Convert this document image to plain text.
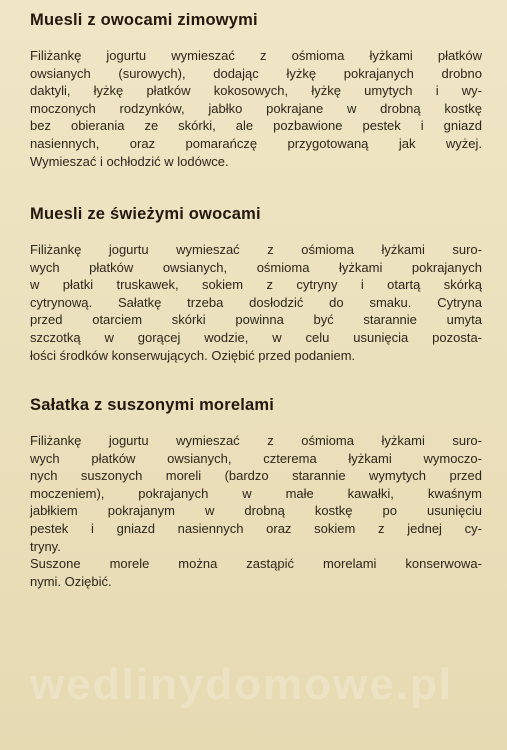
Muesli z owocami zimowymi
Filiżankę jogurtu wymieszać z ośmioma łyżkami płatków
owsianych (surowych), dodając łyżkę pokrajanych drobno
daktyli, łyżkę płatków kokosowych, łyżkę umytych i wy-
moczonych rodzynków, jabłko pokrajane w drobną kostkę
bez obierania ze skórki, ale pozbawione pestek i gniazd
nasiennych, oraz pomarańczę przygotowaną jak wyżej.
Wymieszać i ochłodzić w lodówce.
Muesli ze świeżymi owocami
Filiżankę jogurtu wymieszać z ośmioma łyżkami suro-
wych płatków owsianych, ośmioma łyżkami pokrajanych
w płatki truskawek, sokiem z cytryny i otartą skórką
cytrynową. Sałatkę trzeba dosłodzić do smaku. Cytryna
przed otarciem skórki powinna być starannie umyta
szczotką w gorącej wodzie, w celu usunięcia pozosta-
łości środków konserwujących. Oziębić przed podaniem.
Sałatka z suszonymi morelami
Filiżankę jogurtu wymieszać z ośmioma łyżkami suro-
wych płatków owsianych, czterema łyżkami wymoczo-
nych suszonych moreli (bardzo starannie wymytych przed
moczeniem), pokrajanych w małe kawałki, kwaśnym
jabłkiem pokrajanym w drobną kostkę po usunięciu
pestek i gniazd nasiennych oraz sokiem z jednej cy-
tryny.
Suszone morele można zastąpić morelami konserwowa-
nymi. Oziębić.
wedlinydomowe.pl
